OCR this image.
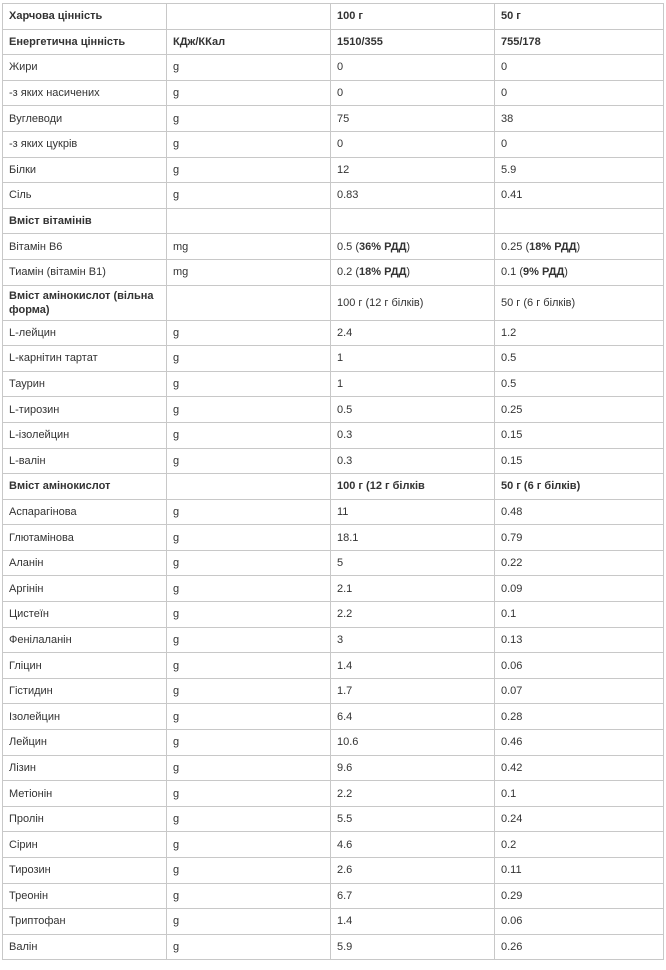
Харчова цінність		100 г	50 г
Енергетична цінність	КДж/ККал	1510/355	755/178
Жири	g	0	0
-з яких насичених	g	0	0
Вуглеводи	g	75	38
-з яких цукрів	g	0	0
Білки	g	12	5.9
Сіль	g	0.83	0.41
Вміст вітамінів			
Вітамін B6	mg	0.5 (36% РДД)	0.25 (18% РДД)
Тиамін (вітамін B1)	mg	0.2 (18% РДД)	0.1 (9% РДД)
Вміст амінокислот (вільна форма)		100 г (12 г білків)	50 г (6 г білків)
L-лейцин	g	2.4	1.2
L-карнітин тартат	g	1	0.5
Таурин	g	1	0.5
L-тирозин	g	0.5	0.25
L-ізолейцин	g	0.3	0.15
L-валін	g	0.3	0.15
Вміст амінокислот		100 г (12 г білків	50 г (6 г білків)
Аспарагінова	g	11	0.48
Глютамінова	g	18.1	0.79
Аланін	g	5	0.22
Аргінін	g	2.1	0.09
Цистеїн	g	2.2	0.1
Фенілаланін	g	3	0.13
Гліцин	g	1.4	0.06
Гістидин	g	1.7	0.07
Ізолейцин	g	6.4	0.28
Лейцин	g	10.6	0.46
Лізин	g	9.6	0.42
Метіонін	g	2.2	0.1
Пролін	g	5.5	0.24
Сірин	g	4.6	0.2
Тирозин	g	2.6	0.11
Треонін	g	6.7	0.29
Триптофан	g	1.4	0.06
Валін	g	5.9	0.26
